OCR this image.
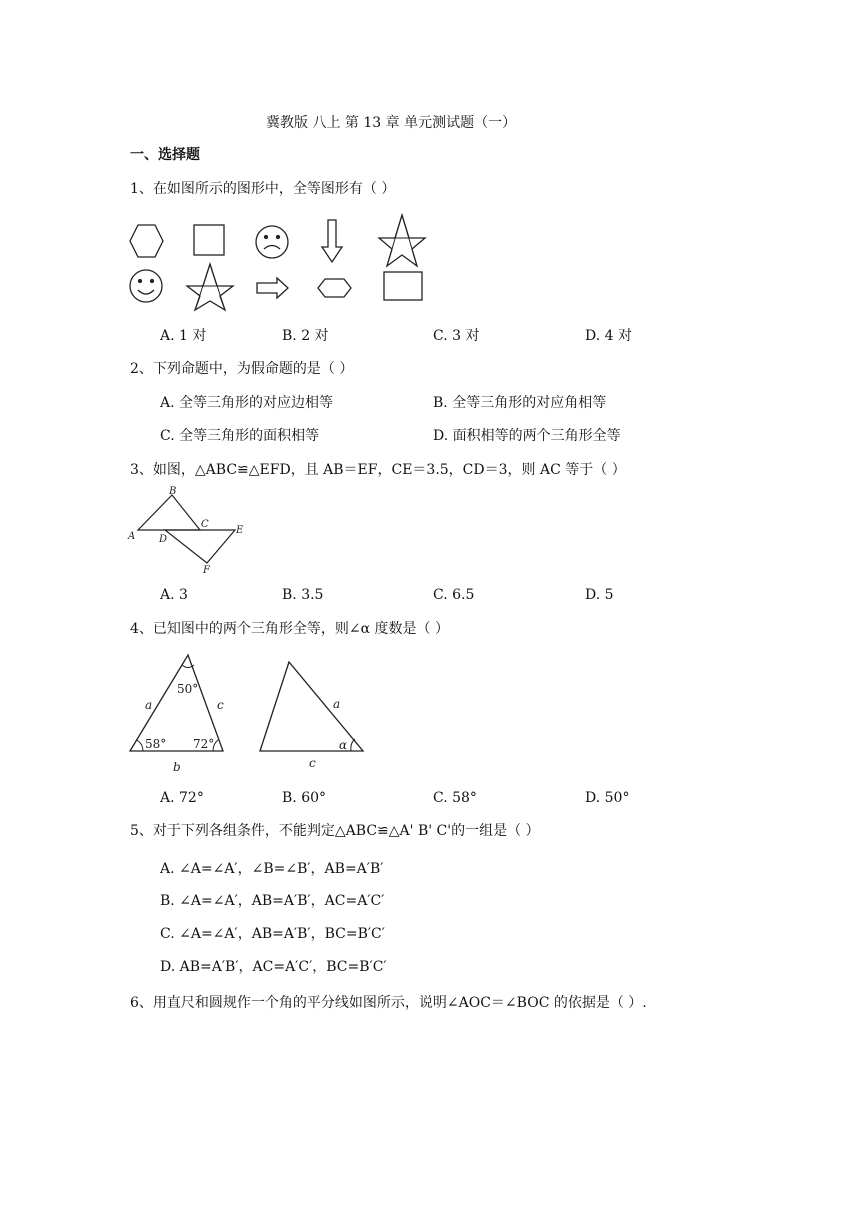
冀教版 八上 第 13 章 单元测试题（一）
一、选择题
1、在如图所示的图形中，全等图形有（ ）
A. 1 对	B. 2 对	C. 3 对	D. 4 对
2、下列命题中，为假命题的是（ ）
A. 全等三角形的对应边相等	B. 全等三角形的对应角相等
C. 全等三角形的面积相等	D. 面积相等的两个三角形全等
3、如图，△ABC≌△EFD，且 AB＝EF，CE＝3.5，CD＝3，则 AC 等于（ ）
B
A
C
D
E
F
A. 3	B. 3.5	C. 6.5	D. 5
4、已知图中的两个三角形全等，则∠α 度数是（ ）
50°
58° 72°
a	c
b
a
c
α
A. 72°	B. 60°	C. 58°	D. 50°
5、对于下列各组条件，不能判定△ABC≌△A' B' C'的一组是（ ）
A. ∠A=∠A′，∠B=∠B′，AB=A′B′
B. ∠A=∠A′，AB=A′B′，AC=A′C′
C. ∠A=∠A′，AB=A′B′，BC=B′C′
D. AB=A′B′，AC=A′C′，BC=B′C′
6、用直尺和圆规作一个角的平分线如图所示，说明∠AOC＝∠BOC 的依据是（ ）.
